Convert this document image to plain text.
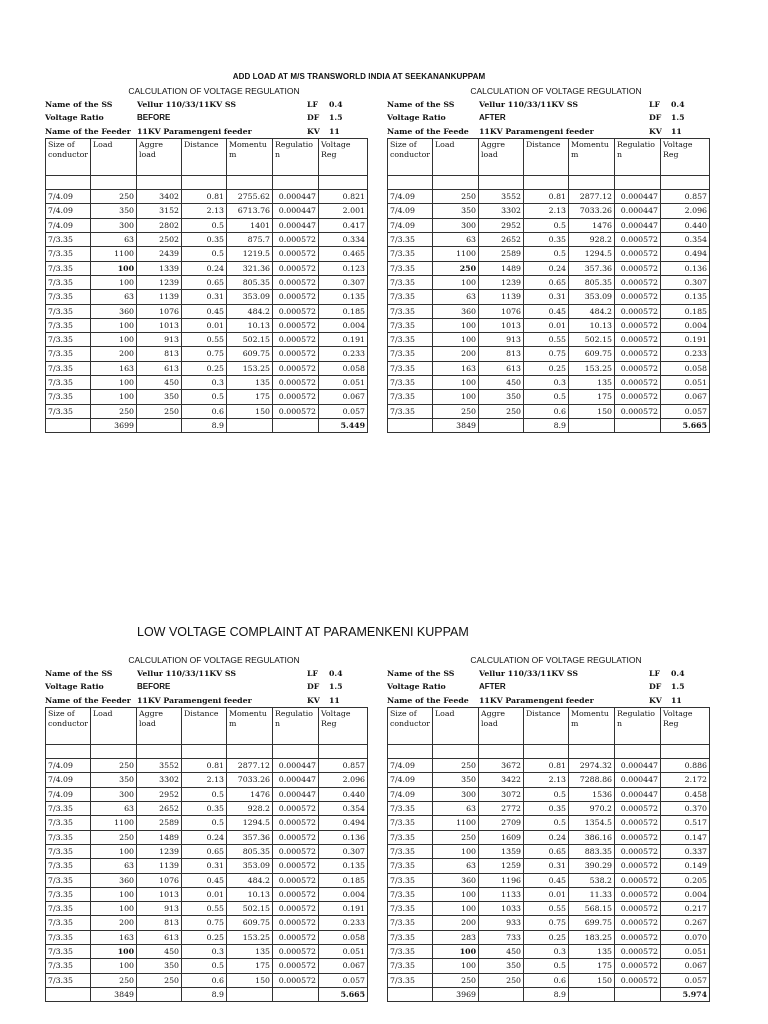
ADD LOAD AT M/S TRANSWORLD INDIA AT SEEKANANKUPPAM
LOW VOLTAGE COMPLAINT AT PARAMENKENI KUPPAM
CALCULATION OF VOLTAGE REGULATION
Name of the SS	Vellur 110/33/11KV SS	LF 0.4
Voltage Ratio	BEFORE	DF 1.5
Name of the Feeder 11KV Paramengeni feeder	KV 11
Size of conductor	Load	Aggre load	Distance	Momentu m	Regulatio n	Voltage Reg

7/4.09	250	3402	0.81	2755.62	0.000447	0.821
7/4.09	350	3152	2.13	6713.76	0.000447	2.001
7/4.09	300	2802	0.5	1401	0.000447	0.417
7/3.35	63	2502	0.35	875.7	0.000572	0.334
7/3.35	1100	2439	0.5	1219.5	0.000572	0.465
7/3.35	100	1339	0.24	321.36	0.000572	0.123
7/3.35	100	1239	0.65	805.35	0.000572	0.307
7/3.35	63	1139	0.31	353.09	0.000572	0.135
7/3.35	360	1076	0.45	484.2	0.000572	0.185
7/3.35	100	1013	0.01	10.13	0.000572	0.004
7/3.35	100	913	0.55	502.15	0.000572	0.191
7/3.35	200	813	0.75	609.75	0.000572	0.233
7/3.35	163	613	0.25	153.25	0.000572	0.058
7/3.35	100	450	0.3	135	0.000572	0.051
7/3.35	100	350	0.5	175	0.000572	0.067
7/3.35	250	250	0.6	150	0.000572	0.057
	3699		8.9			5.449
CALCULATION OF VOLTAGE REGULATION
Name of the SS	Vellur 110/33/11KV SS	LF 0.4
Voltage Ratio	AFTER	DF 1.5
Name of the Feede 11KV Paramengeni feeder	KV 11
Size of conductor	Load	Aggre load	Distance	Momentu m	Regulatio n	Voltage Reg

7/4.09	250	3552	0.81	2877.12	0.000447	0.857
7/4.09	350	3302	2.13	7033.26	0.000447	2.096
7/4.09	300	2952	0.5	1476	0.000447	0.440
7/3.35	63	2652	0.35	928.2	0.000572	0.354
7/3.35	1100	2589	0.5	1294.5	0.000572	0.494
7/3.35	250	1489	0.24	357.36	0.000572	0.136
7/3.35	100	1239	0.65	805.35	0.000572	0.307
7/3.35	63	1139	0.31	353.09	0.000572	0.135
7/3.35	360	1076	0.45	484.2	0.000572	0.185
7/3.35	100	1013	0.01	10.13	0.000572	0.004
7/3.35	100	913	0.55	502.15	0.000572	0.191
7/3.35	200	813	0.75	609.75	0.000572	0.233
7/3.35	163	613	0.25	153.25	0.000572	0.058
7/3.35	100	450	0.3	135	0.000572	0.051
7/3.35	100	350	0.5	175	0.000572	0.067
7/3.35	250	250	0.6	150	0.000572	0.057
	3849		8.9			5.665
CALCULATION OF VOLTAGE REGULATION
Name of the SS	Vellur 110/33/11KV SS	LF 0.4
Voltage Ratio	BEFORE	DF 1.5
Name of the Feeder 11KV Paramengeni feeder	KV 11
Size of conductor	Load	Aggre load	Distance	Momentu m	Regulatio n	Voltage Reg

7/4.09	250	3552	0.81	2877.12	0.000447	0.857
7/4.09	350	3302	2.13	7033.26	0.000447	2.096
7/4.09	300	2952	0.5	1476	0.000447	0.440
7/3.35	63	2652	0.35	928.2	0.000572	0.354
7/3.35	1100	2589	0.5	1294.5	0.000572	0.494
7/3.35	250	1489	0.24	357.36	0.000572	0.136
7/3.35	100	1239	0.65	805.35	0.000572	0.307
7/3.35	63	1139	0.31	353.09	0.000572	0.135
7/3.35	360	1076	0.45	484.2	0.000572	0.185
7/3.35	100	1013	0.01	10.13	0.000572	0.004
7/3.35	100	913	0.55	502.15	0.000572	0.191
7/3.35	200	813	0.75	609.75	0.000572	0.233
7/3.35	163	613	0.25	153.25	0.000572	0.058
7/3.35	100	450	0.3	135	0.000572	0.051
7/3.35	100	350	0.5	175	0.000572	0.067
7/3.35	250	250	0.6	150	0.000572	0.057
	3849		8.9			5.665
CALCULATION OF VOLTAGE REGULATION
Name of the SS	Vellur 110/33/11KV SS	LF 0.4
Voltage Ratio	AFTER	DF 1.5
Name of the Feede 11KV Paramengeni feeder	KV 11
Size of conductor	Load	Aggre load	Distance	Momentu m	Regulatio n	Voltage Reg

7/4.09	250	3672	0.81	2974.32	0.000447	0.886
7/4.09	350	3422	2.13	7288.86	0.000447	2.172
7/4.09	300	3072	0.5	1536	0.000447	0.458
7/3.35	63	2772	0.35	970.2	0.000572	0.370
7/3.35	1100	2709	0.5	1354.5	0.000572	0.517
7/3.35	250	1609	0.24	386.16	0.000572	0.147
7/3.35	100	1359	0.65	883.35	0.000572	0.337
7/3.35	63	1259	0.31	390.29	0.000572	0.149
7/3.35	360	1196	0.45	538.2	0.000572	0.205
7/3.35	100	1133	0.01	11.33	0.000572	0.004
7/3.35	100	1033	0.55	568.15	0.000572	0.217
7/3.35	200	933	0.75	699.75	0.000572	0.267
7/3.35	283	733	0.25	183.25	0.000572	0.070
7/3.35	100	450	0.3	135	0.000572	0.051
7/3.35	100	350	0.5	175	0.000572	0.067
7/3.35	250	250	0.6	150	0.000572	0.057
	3969		8.9			5.974
